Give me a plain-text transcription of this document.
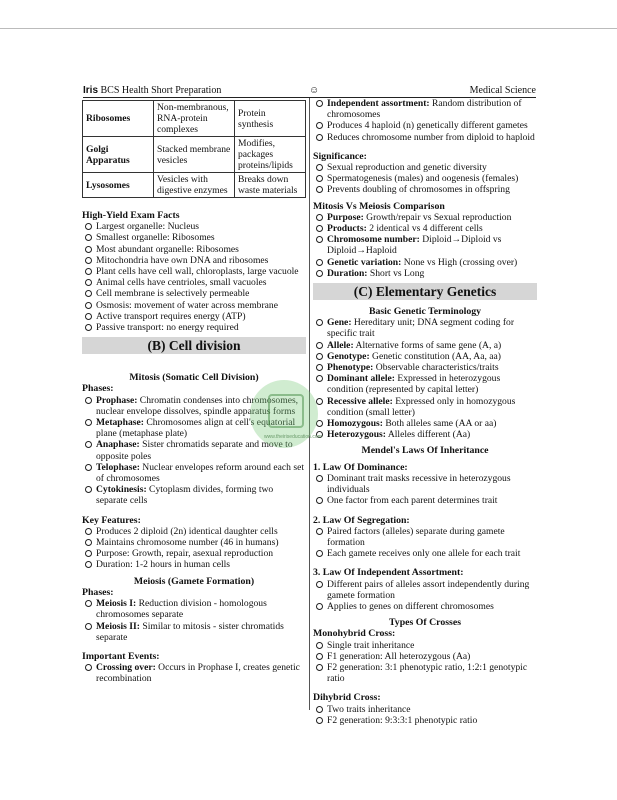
Iris BCS Health Short Preparation	☺	Medical Science
Ribosomes	Non-membranous, RNA-protein complexes	Protein synthesis
Golgi Apparatus	Stacked membrane vesicles	Modifies, packages proteins/lipids
Lysosomes	Vesicles with digestive enzymes	Breaks down waste materials
High-Yield Exam Facts
Largest organelle: Nucleus
Smallest organelle: Ribosomes
Most abundant organelle: Ribosomes
Mitochondria have own DNA and ribosomes
Plant cells have cell wall, chloroplasts, large vacuole
Animal cells have centrioles, small vacuoles
Cell membrane is selectively permeable
Osmosis: movement of water across membrane
Active transport requires energy (ATP)
Passive transport: no energy required
(B) Cell division
Mitosis (Somatic Cell Division)
Phases:
Prophase: Chromatin condenses into chromosomes, nuclear envelope dissolves, spindle apparatus forms
Metaphase: Chromosomes align at cell's equatorial plane (metaphase plate)
Anaphase: Sister chromatids separate and move to opposite poles
Telophase: Nuclear envelopes reform around each set of chromosomes
Cytokinesis: Cytoplasm divides, forming two separate cells
Key Features:
Produces 2 diploid (2n) identical daughter cells
Maintains chromosome number (46 in humans)
Purpose: Growth, repair, asexual reproduction
Duration: 1-2 hours in human cells
Meiosis (Gamete Formation)
Phases:
Meiosis I: Reduction division - homologous chromosomes separate
Meiosis II: Similar to mitosis - sister chromatids separate
Important Events:
Crossing over: Occurs in Prophase I, creates genetic recombination
Independent assortment: Random distribution of chromosomes
Produces 4 haploid (n) genetically different gametes
Reduces chromosome number from diploid to haploid
Significance:
Sexual reproduction and genetic diversity
Spermatogenesis (males) and oogenesis (females)
Prevents doubling of chromosomes in offspring
Mitosis Vs Meiosis Comparison
Purpose: Growth/repair vs Sexual reproduction
Products: 2 identical vs 4 different cells
Chromosome number: Diploid→Diploid vs Diploid→Haploid
Genetic variation: None vs High (crossing over)
Duration: Short vs Long
(C) Elementary Genetics
Basic Genetic Terminology
Gene: Hereditary unit; DNA segment coding for specific trait
Allele: Alternative forms of same gene (A, a)
Genotype: Genetic constitution (AA, Aa, aa)
Phenotype: Observable characteristics/traits
Dominant allele: Expressed in heterozygous condition (represented by capital letter)
Recessive allele: Expressed only in homozygous condition (small letter)
Homozygous: Both alleles same (AA or aa)
Heterozygous: Alleles different (Aa)
Mendel's Laws Of Inheritance
1. Law Of Dominance:
Dominant trait masks recessive in heterozygous individuals
One factor from each parent determines trait
2. Law Of Segregation:
Paired factors (alleles) separate during gamete formation
Each gamete receives only one allele for each trait
3. Law Of Independent Assortment:
Different pairs of alleles assort independently during gamete formation
Applies to genes on different chromosomes
Types Of Crosses
Monohybrid Cross:
Single trait inheritance
F1 generation: All heterozygous (Aa)
F2 generation: 3:1 phenotypic ratio, 1:2:1 genotypic ratio
Dihybrid Cross:
Two traits inheritance
F2 generation: 9:3:3:1 phenotypic ratio
www.theiriseducation.com
